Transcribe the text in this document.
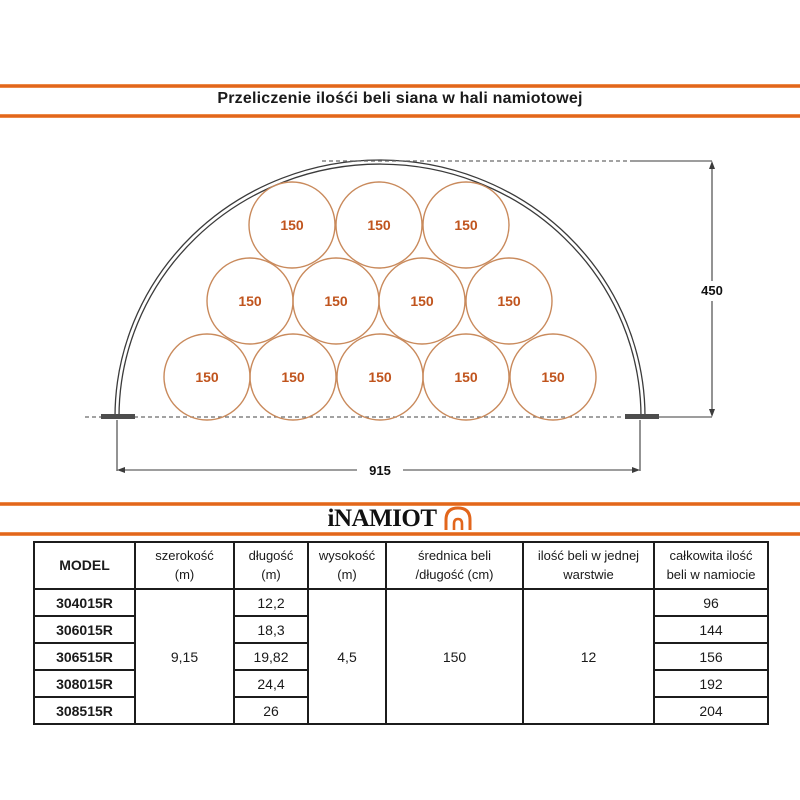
Przeliczenie ilośći beli siana w hali namiotowej
450
915
150	150	150
150	150	150	150
150	150	150	150	150
iNAMIOT
MODEL

szerokość
(m)

długość
(m)

wysokość
(m)

średnica beli
/długość (cm)

ilość beli w jednej
warstwie

całkowita ilość
beli w namiocie

304015R	9,15	12,2	4,5	150	12	96
306015R		18,3				144
306515R		19,82				156
308015R		24,4				192
308515R		26				204
